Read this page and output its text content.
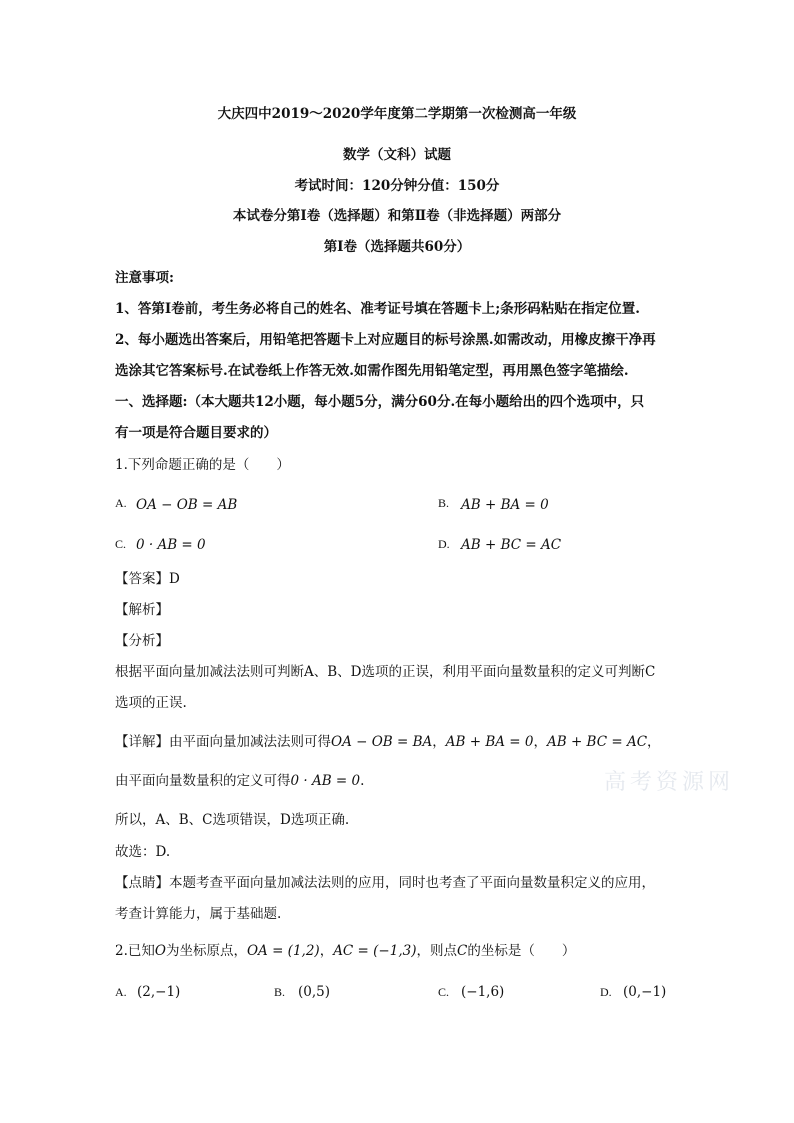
大庆四中2019～2020学年度第二学期第一次检测高一年级
数学（文科）试题
考试时间：120分钟分值：150分
本试卷分第Ⅰ卷（选择题）和第Ⅱ卷（非选择题）两部分
第Ⅰ卷（选择题共60分）
注意事项:
1、答第Ⅰ卷前，考生务必将自己的姓名、准考证号填在答题卡上;条形码粘贴在指定位置.
2、每小题选出答案后，用铅笔把答题卡上对应题目的标号涂黑.如需改动，用橡皮擦干净再
选涂其它答案标号.在试卷纸上作答无效.如需作图先用铅笔定型，再用黑色签字笔描绘.
一、选择题:（本大题共12小题，每小题5分，满分60分.在每小题给出的四个选项中，只
有一项是符合题目要求的）
1.下列命题正确的是（　　）
A. OA − OB = AB	B. AB + BA = 0
C. 0 · AB = 0	D. AB + BC = AC
【答案】D
【解析】
【分析】
根据平面向量加减法法则可判断A、B、D选项的正误，利用平面向量数量积的定义可判断C
选项的正误.
【详解】由平面向量加减法法则可得OA − OB = BA，AB + BA = 0，AB + BC = AC，
由平面向量数量积的定义可得0 · AB = 0.
所以，A、B、C选项错误，D选项正确.
故选：D.
【点睛】本题考查平面向量加减法法则的应用，同时也考查了平面向量数量积定义的应用，
考查计算能力，属于基础题.
2.已知O为坐标原点，OA = (1,2)，AC = (−1,3)，则点C的坐标是（　　）
A. (2,−1)	B. (0,5)	C. (−1,6)	D. (0,−1)
高考资源网
